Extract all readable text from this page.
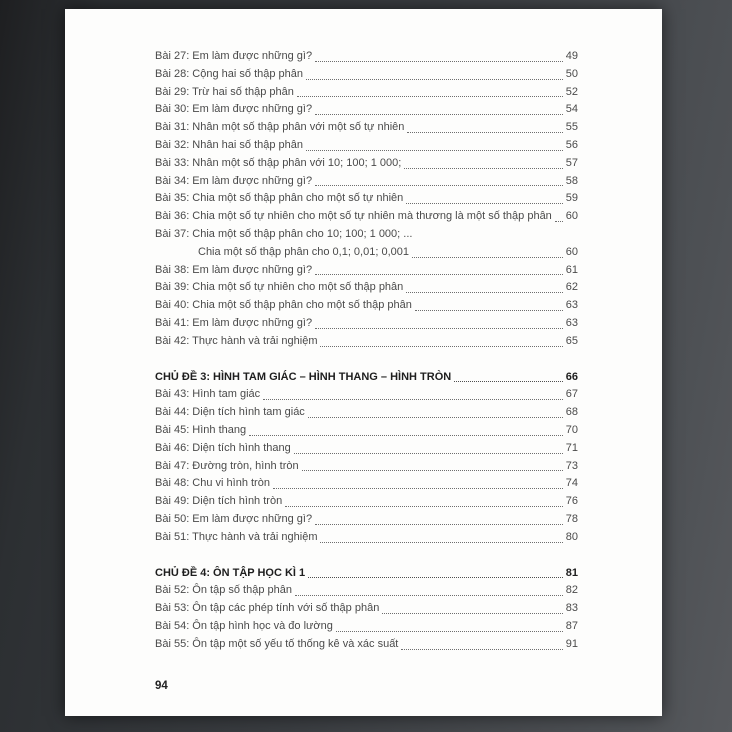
Bài 27: Em làm được những gì?	49
Bài 28: Cộng hai số thập phân	50
Bài 29: Trừ hai số thập phân	52
Bài 30: Em làm được những gì?	54
Bài 31: Nhân một số thập phân với một số tự nhiên	55
Bài 32: Nhân hai số thập phân	56
Bài 33: Nhân một số thập phân với 10; 100; 1 000;	57
Bài 34: Em làm được những gì?	58
Bài 35: Chia một số thập phân cho một số tự nhiên	59
Bài 36: Chia một số tự nhiên cho một số tự nhiên mà thương là một số thập phân 60
Bài 37: Chia một số thập phân cho 10; 100; 1 000; ...
Chia một số thập phân cho 0,1; 0,01; 0,001	60
Bài 38: Em làm được những gì?	61
Bài 39: Chia một số tự nhiên cho một số thập phân	62
Bài 40: Chia một số thập phân cho một số thập phân	63
Bài 41: Em làm được những gì?	63
Bài 42: Thực hành và trải nghiệm	65
CHỦ ĐỀ 3: HÌNH TAM GIÁC – HÌNH THANG – HÌNH TRÒN	66
Bài 43: Hình tam giác	67
Bài 44: Diện tích hình tam giác	68
Bài 45: Hình thang	70
Bài 46: Diện tích hình thang	71
Bài 47: Đường tròn, hình tròn	73
Bài 48: Chu vi hình tròn	74
Bài 49: Diện tích hình tròn	76
Bài 50: Em làm được những gì?	78
Bài 51: Thực hành và trải nghiệm	80
CHỦ ĐỀ 4: ÔN TẬP HỌC KÌ 1	81
Bài 52: Ôn tập số thập phân	82
Bài 53: Ôn tập các phép tính với số thập phân	83
Bài 54: Ôn tập hình học và đo lường	87
Bài 55: Ôn tập một số yếu tố thống kê và xác suất	91
94
